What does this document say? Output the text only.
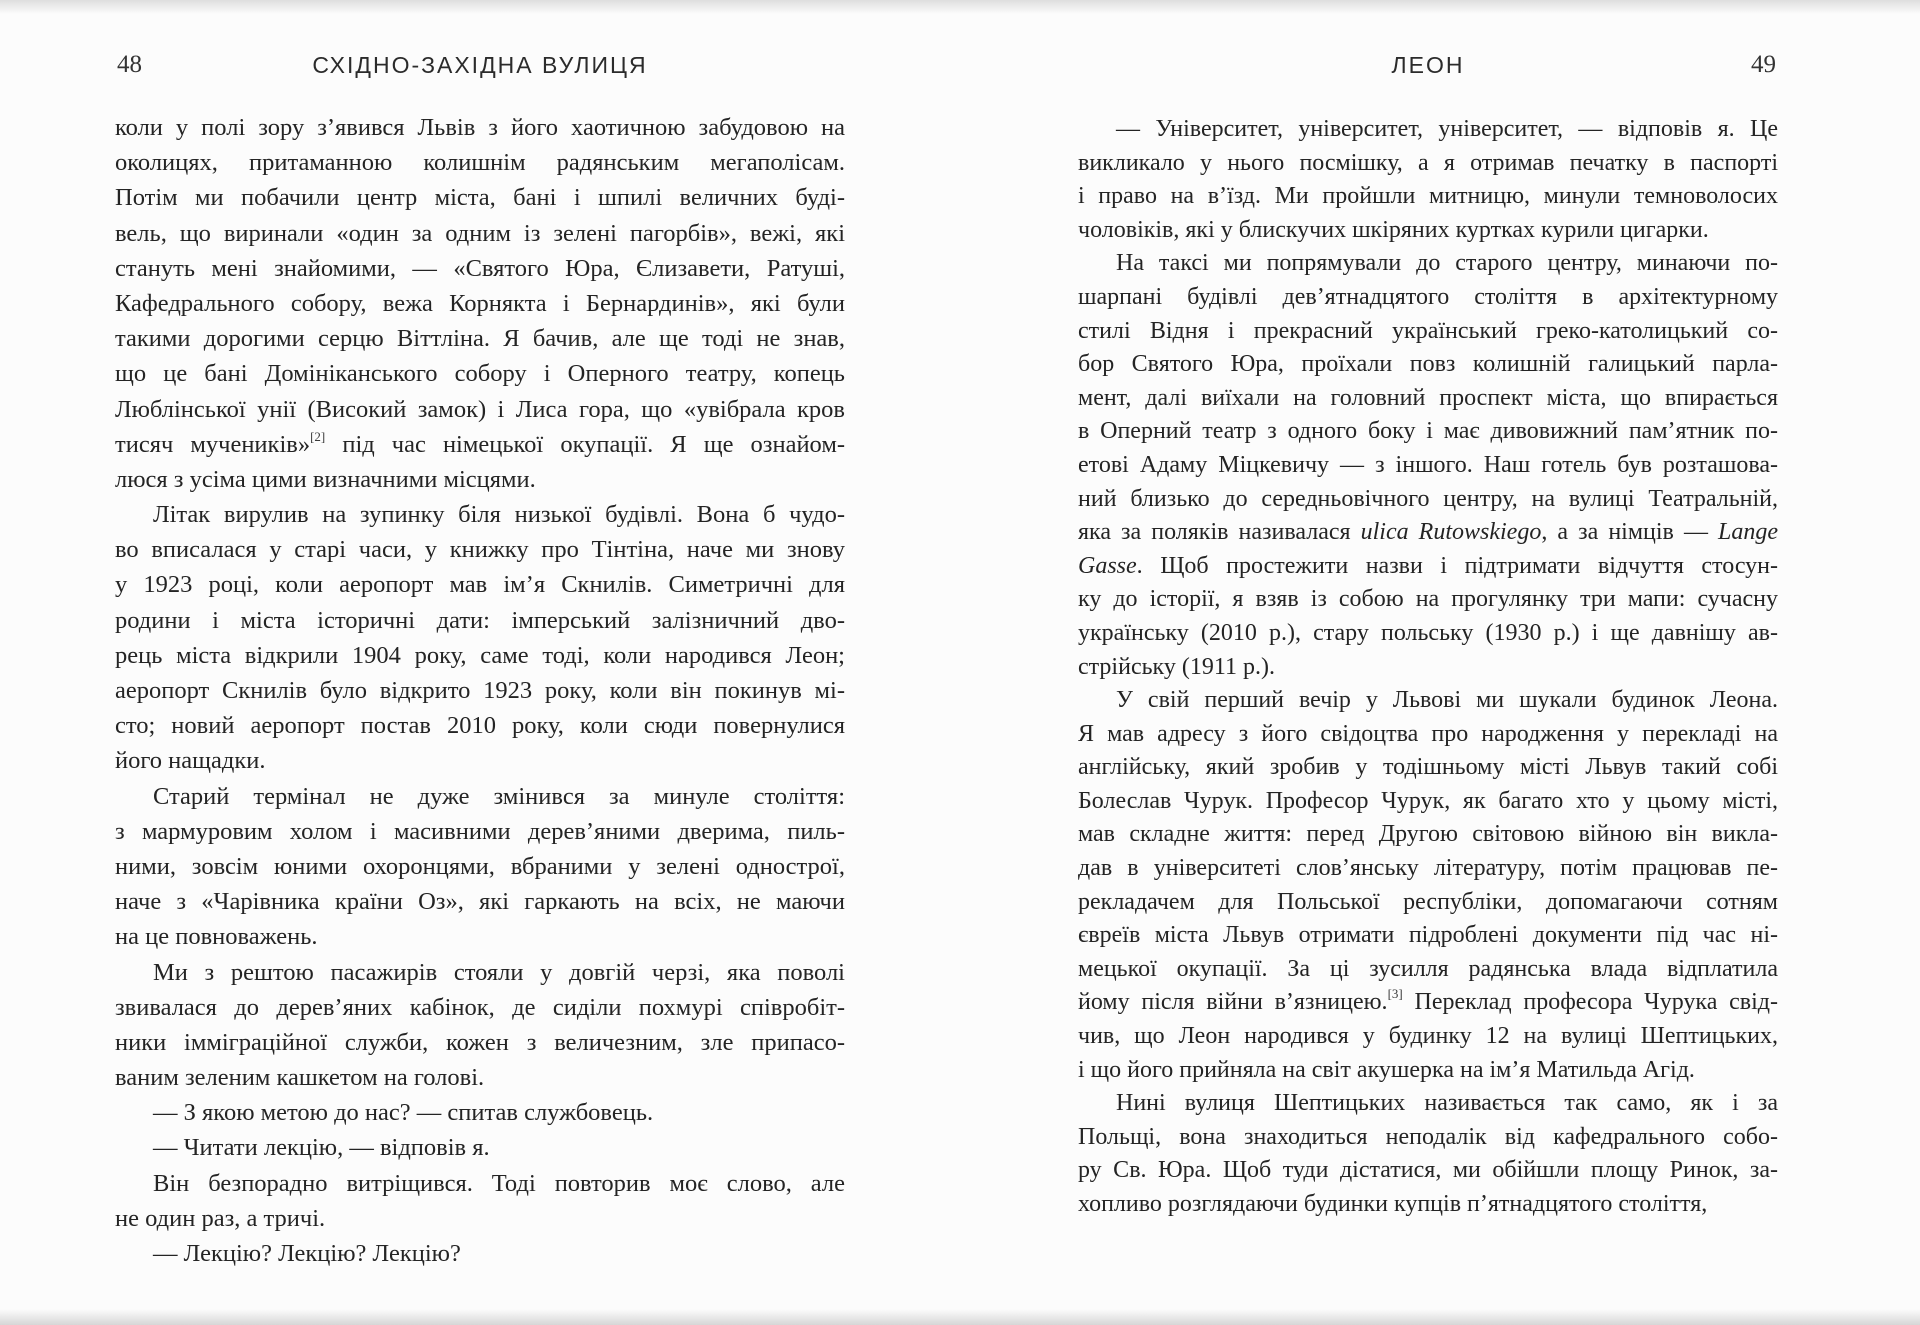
48	СХІДНО-ЗАХІДНА ВУЛИЦЯ
коли у полі зору з’явився Львів з його хаотичною забудовою на
околицях, притаманною колишнім радянським мегаполісам.
Потім ми побачили центр міста, бані і шпилі величних буді-
вель, що виринали «один за одним із зелені пагорбів», вежі, які
стануть мені знайомими, — «Святого Юра, Єлизавети, Ратуші,
Кафедрального собору, вежа Корнякта і Бернардинів», які були
такими дорогими серцю Віттліна. Я бачив, але ще тоді не знав,
що це бані Домініканського собору і Оперного театру, копець
Люблінської унії (Високий замок) і Лиса гора, що «увібрала кров
тисяч мучеників»[2] під час німецької окупації. Я ще ознайом-
люся з усіма цими визначними місцями.
Літак вирулив на зупинку біля низької будівлі. Вона б чудо-
во вписалася у старі часи, у книжку про Тінтіна, наче ми знову
у 1923 році, коли аеропорт мав ім’я Скнилів. Симетричні для
родини і міста історичні дати: імперський залізничний дво-
рець міста відкрили 1904 року, саме тоді, коли народився Леон;
аеропорт Скнилів було відкрито 1923 року, коли він покинув мі-
сто; новий аеропорт постав 2010 року, коли сюди повернулися
його нащадки.
Старий термінал не дуже змінився за минуле століття:
з мармуровим холом і масивними дерев’яними дверима, пиль-
ними, зовсім юними охоронцями, вбраними у зелені однострої,
наче з «Чарівника країни Оз», які гаркають на всіх, не маючи
на це повноважень.
Ми з рештою пасажирів стояли у довгій черзі, яка поволі
звивалася до дерев’яних кабінок, де сиділи похмурі співробіт-
ники імміграційної служби, кожен з величезним, зле припасо-
ваним зеленим кашкетом на голові.
— З якою метою до нас? — спитав службовець.
— Читати лекцію, — відповів я.
Він безпорадно витріщився. Тоді повторив моє слово, але
не один раз, а тричі.
— Лекцію? Лекцію? Лекцію?
ЛЕОН	49
— Університет, університет, університет, — відповів я. Це
викликало у нього посмішку, а я отримав печатку в паспорті
і право на в’їзд. Ми пройшли митницю, минули темноволосих
чоловіків, які у блискучих шкіряних куртках курили цигарки.
На таксі ми попрямували до старого центру, минаючи по-
шарпані будівлі дев’ятнадцятого століття в архітектурному
стилі Відня і прекрасний український греко-католицький со-
бор Святого Юра, проїхали повз колишній галицький парла-
мент, далі виїхали на головний проспект міста, що впирається
в Оперний театр з одного боку і має дивовижний пам’ятник по-
етові Адаму Міцкевичу — з іншого. Наш готель був розташова-
ний близько до середньовічного центру, на вулиці Театральній,
яка за поляків називалася ulica Rutowskiego, а за німців — Lange
Gasse. Щоб простежити назви і підтримати відчуття стосун-
ку до історії, я взяв із собою на прогулянку три мапи: сучасну
українську (2010 р.), стару польську (1930 р.) і ще давнішу ав-
стрійську (1911 р.).
У свій перший вечір у Львові ми шукали будинок Леона.
Я мав адресу з його свідоцтва про народження у перекладі на
англійську, який зробив у тодішньому місті Львув такий собі
Болеслав Чурук. Професор Чурук, як багато хто у цьому місті,
мав складне життя: перед Другою світовою війною він викла-
дав в університеті слов’янську літературу, потім працював пе-
рекладачем для Польської республіки, допомагаючи сотням
євреїв міста Львув отримати підроблені документи під час ні-
мецької окупації. За ці зусилля радянська влада відплатила
йому після війни в’язницею.[3] Переклад професора Чурука свід-
чив, що Леон народився у будинку 12 на вулиці Шептицьких,
і що його прийняла на світ акушерка на ім’я Матильда Агід.
Нині вулиця Шептицьких називається так само, як і за
Польщі, вона знаходиться неподалік від кафедрального собо-
ру Св. Юра. Щоб туди дістатися, ми обійшли площу Ринок, за-
хопливо розглядаючи будинки купців п’ятнадцятого століття,
